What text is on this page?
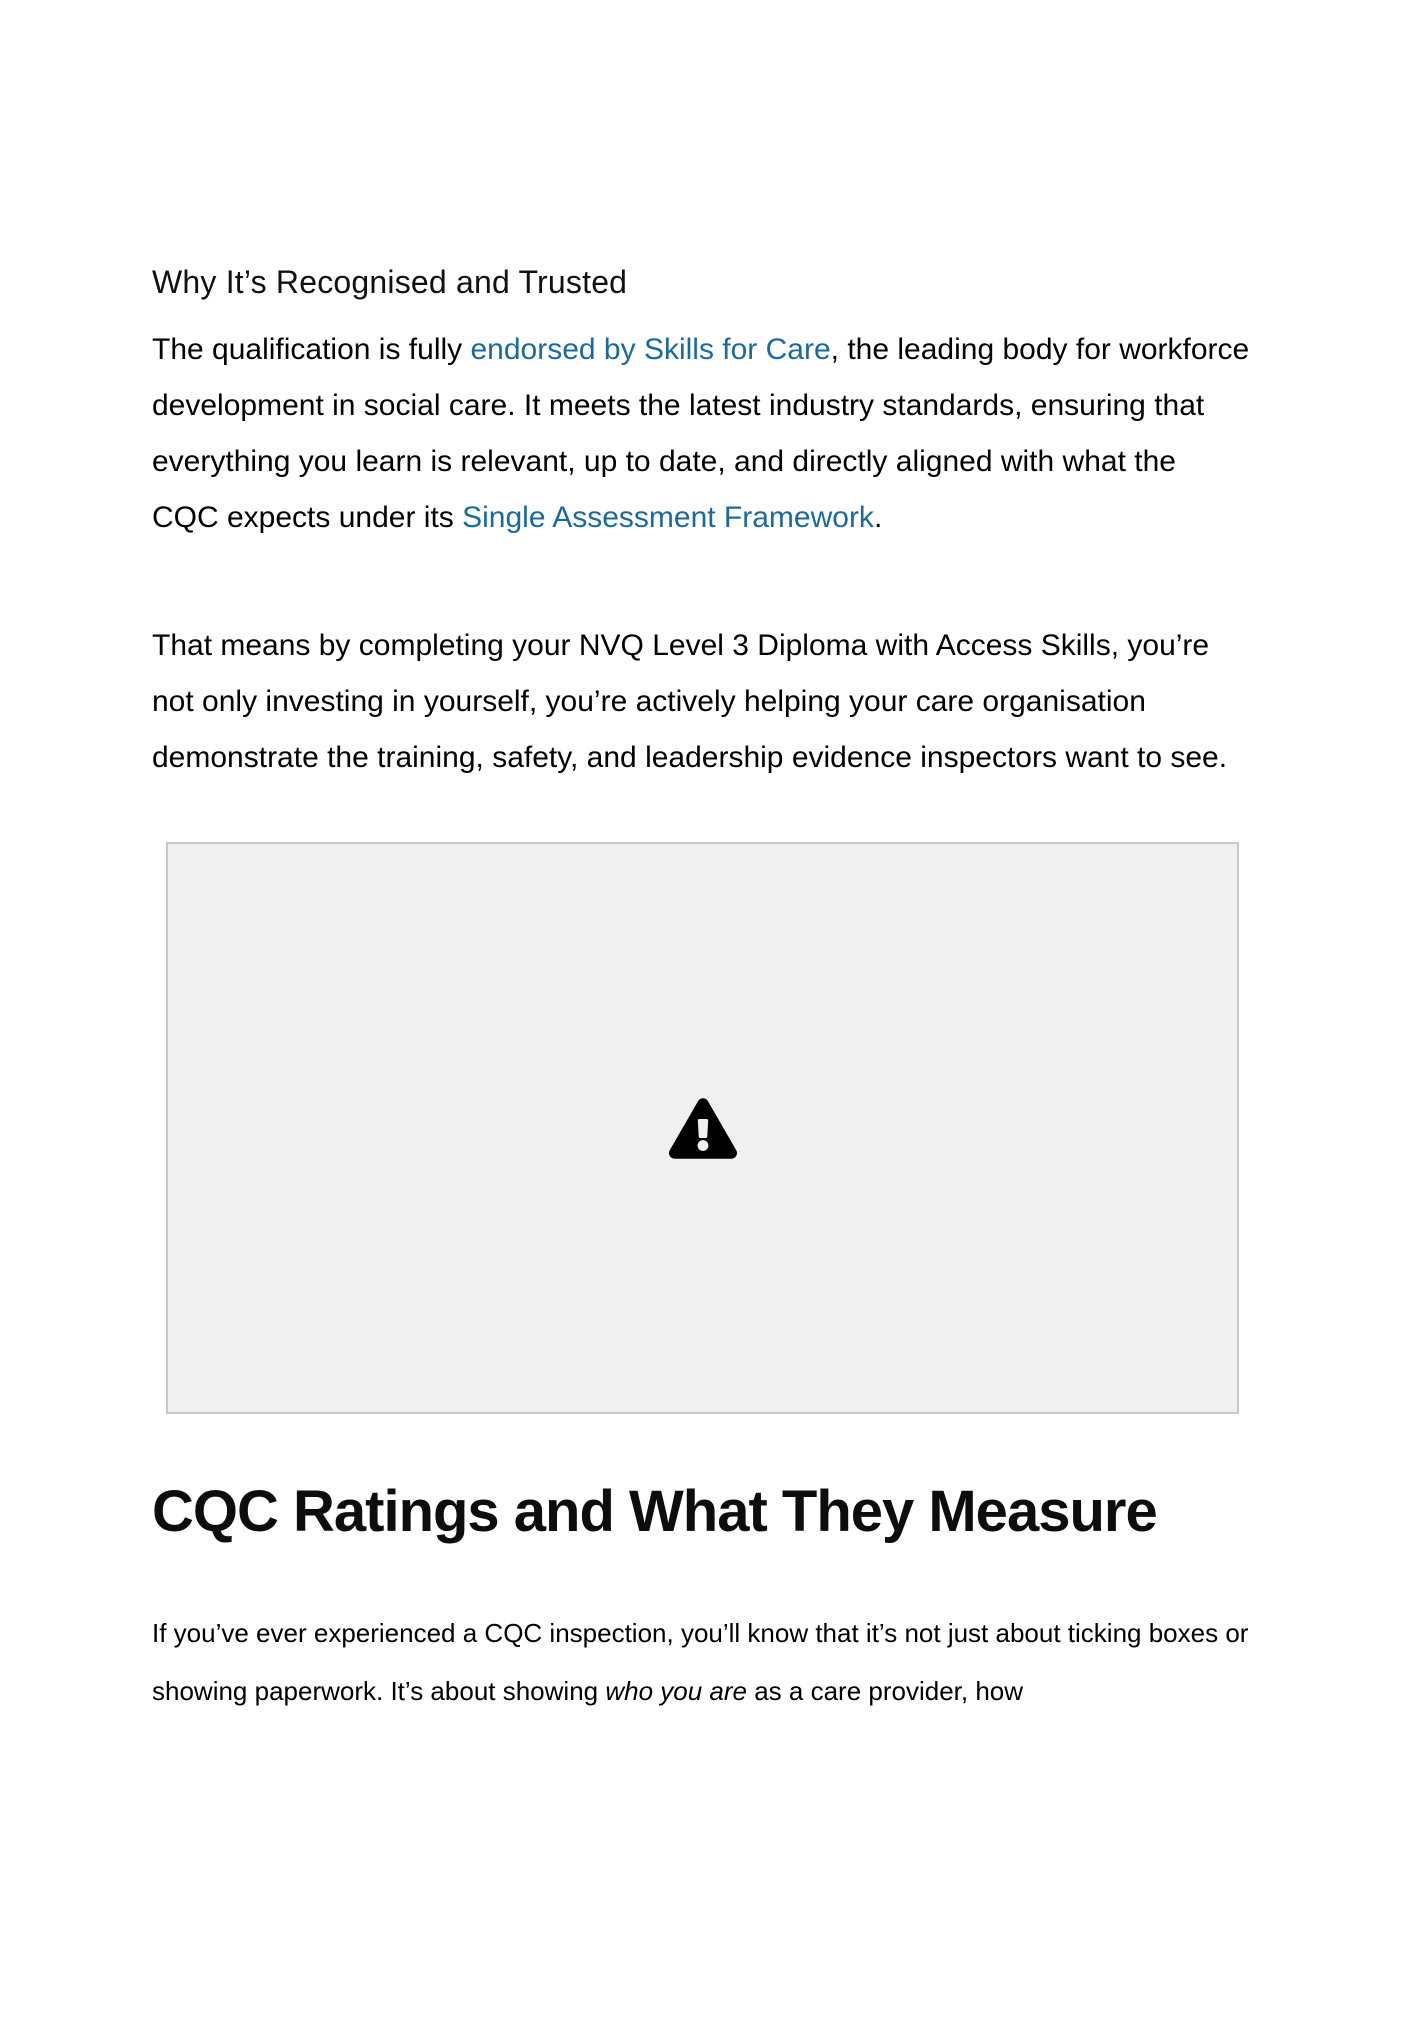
Why It’s Recognised and Trusted

The qualification is fully endorsed by Skills for Care, the leading body for workforce development in social care. It meets the latest industry standards, ensuring that everything you learn is relevant, up to date, and directly aligned with what the CQC expects under its Single Assessment Framework.

That means by completing your NVQ Level 3 Diploma with Access Skills, you’re not only investing in yourself, you’re actively helping your care organisation demonstrate the training, safety, and leadership evidence inspectors want to see.

CQC Ratings and What They Measure

If you’ve ever experienced a CQC inspection, you’ll know that it’s not just about ticking boxes or showing paperwork. It’s about showing who you are as a care provider, how
